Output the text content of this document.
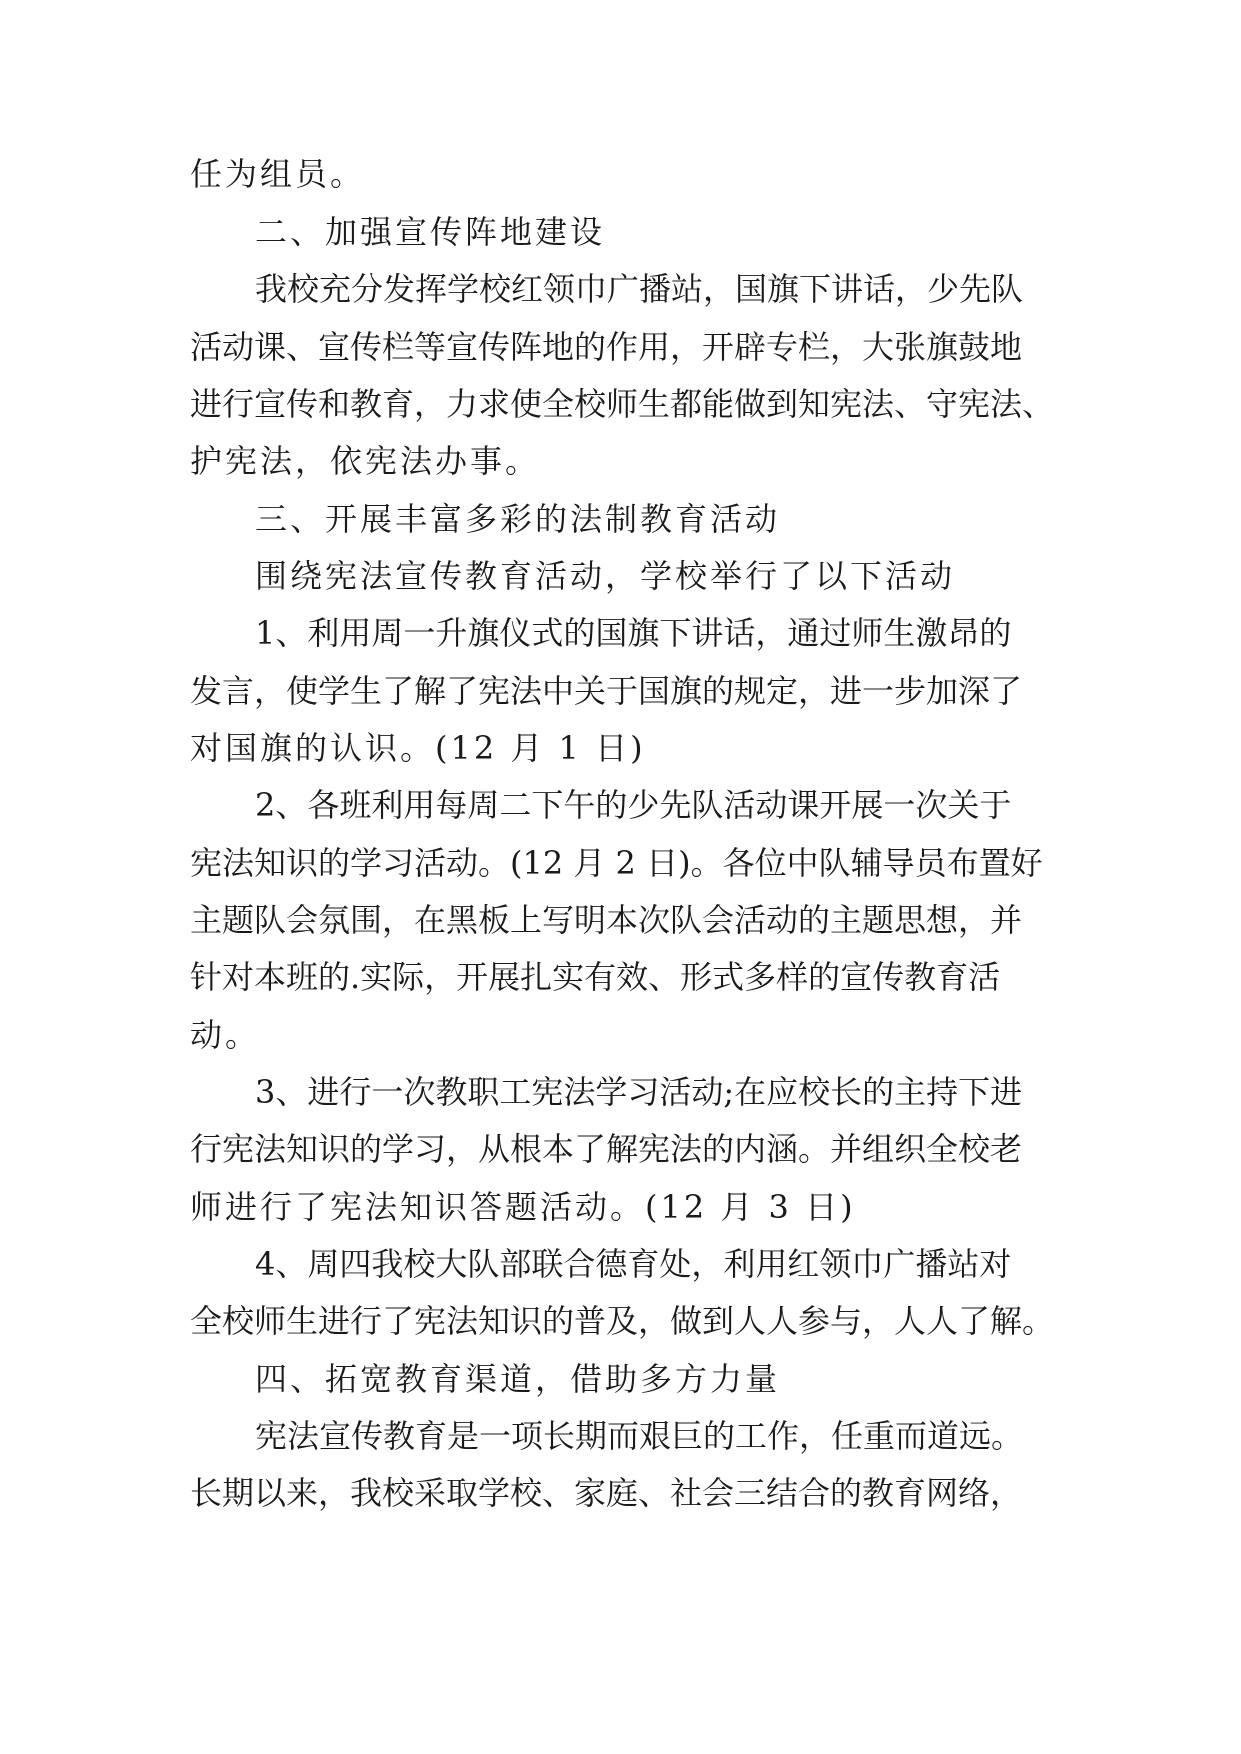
任为组员。
二、加强宣传阵地建设
我校充分发挥学校红领巾广播站，国旗下讲话，少先队
活动课、宣传栏等宣传阵地的作用，开辟专栏，大张旗鼓地
进行宣传和教育，力求使全校师生都能做到知宪法、守宪法、
护宪法，依宪法办事。
三、开展丰富多彩的法制教育活动
围绕宪法宣传教育活动，学校举行了以下活动
1、利用周一升旗仪式的国旗下讲话，通过师生激昂的
发言，使学生了解了宪法中关于国旗的规定，进一步加深了
对国旗的认识。(12 月 1 日)
2、各班利用每周二下午的少先队活动课开展一次关于
宪法知识的学习活动。(12 月 2 日)。各位中队辅导员布置好
主题队会氛围，在黑板上写明本次队会活动的主题思想，并
针对本班的.实际，开展扎实有效、形式多样的宣传教育活
动。
3、进行一次教职工宪法学习活动;在应校长的主持下进
行宪法知识的学习，从根本了解宪法的内涵。并组织全校老
师进行了宪法知识答题活动。(12 月 3 日)
4、周四我校大队部联合德育处，利用红领巾广播站对
全校师生进行了宪法知识的普及，做到人人参与，人人了解。
四、拓宽教育渠道，借助多方力量
宪法宣传教育是一项长期而艰巨的工作，任重而道远。
长期以来，我校采取学校、家庭、社会三结合的教育网络，
